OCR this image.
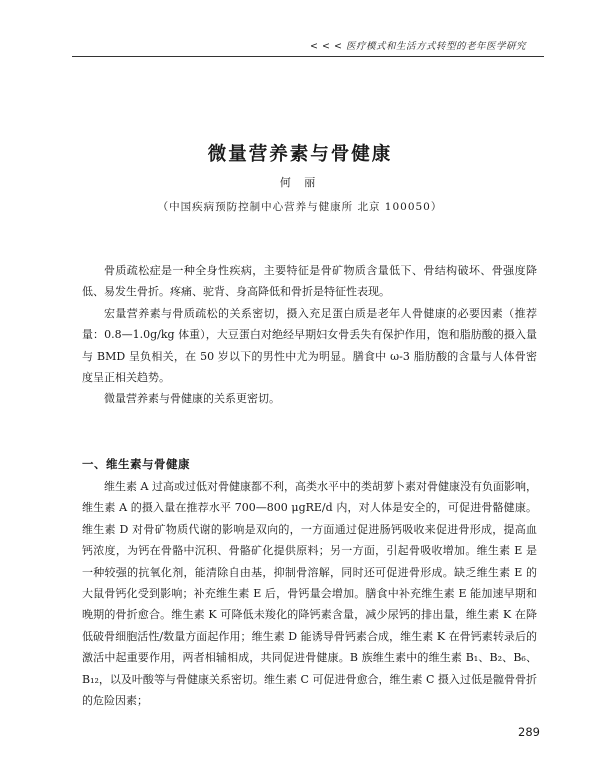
< < < 医疗模式和生活方式转型的老年医学研究
微量营养素与骨健康
何 丽
（中国疾病预防控制中心营养与健康所 北京 100050）

骨质疏松症是一种全身性疾病，主要特征是骨矿物质含量低下、骨结构破坏、骨强度降低、易发生骨折。疼痛、驼背、身高降低和骨折是特征性表现。

宏量营养素与骨质疏松的关系密切，摄入充足蛋白质是老年人骨健康的必要因素（推荐量：0.8—1.0g/kg 体重），大豆蛋白对绝经早期妇女骨丢失有保护作用，饱和脂肪酸的摄入量与 BMD 呈负相关，在 50 岁以下的男性中尤为明显。膳食中 ω-3 脂肪酸的含量与人体骨密度呈正相关趋势。

微量营养素与骨健康的关系更密切。

一、维生素与骨健康

维生素 A 过高或过低对骨健康都不利，高类水平中的类胡萝卜素对骨健康没有负面影响，维生素 A 的摄入量在推荐水平 700—800 μgRE/d 内，对人体是安全的，可促进骨骼健康。维生素 D 对骨矿物质代谢的影响是双向的，一方面通过促进肠钙吸收来促进骨形成，提高血钙浓度，为钙在骨骼中沉积、骨骼矿化提供原料；另一方面，引起骨吸收增加。维生素 E 是一种较强的抗氧化剂，能清除自由基，抑制骨溶解，同时还可促进骨形成。缺乏维生素 E 的大鼠骨钙化受到影响；补充维生素 E 后，骨钙量会增加。膳食中补充维生素 E 能加速早期和晚期的骨折愈合。维生素 K 可降低未羧化的降钙素含量，减少尿钙的排出量，维生素 K 在降低破骨细胞活性/数量方面起作用；维生素 D 能诱导骨钙素合成，维生素 K 在骨钙素转录后的激活中起重要作用，两者相辅相成，共同促进骨健康。B 族维生素中的维生素 B₁、B₂、B₆、B₁₂，以及叶酸等与骨健康关系密切。维生素 C 可促进骨愈合，维生素 C 摄入过低是髋骨骨折的危险因素；

289
